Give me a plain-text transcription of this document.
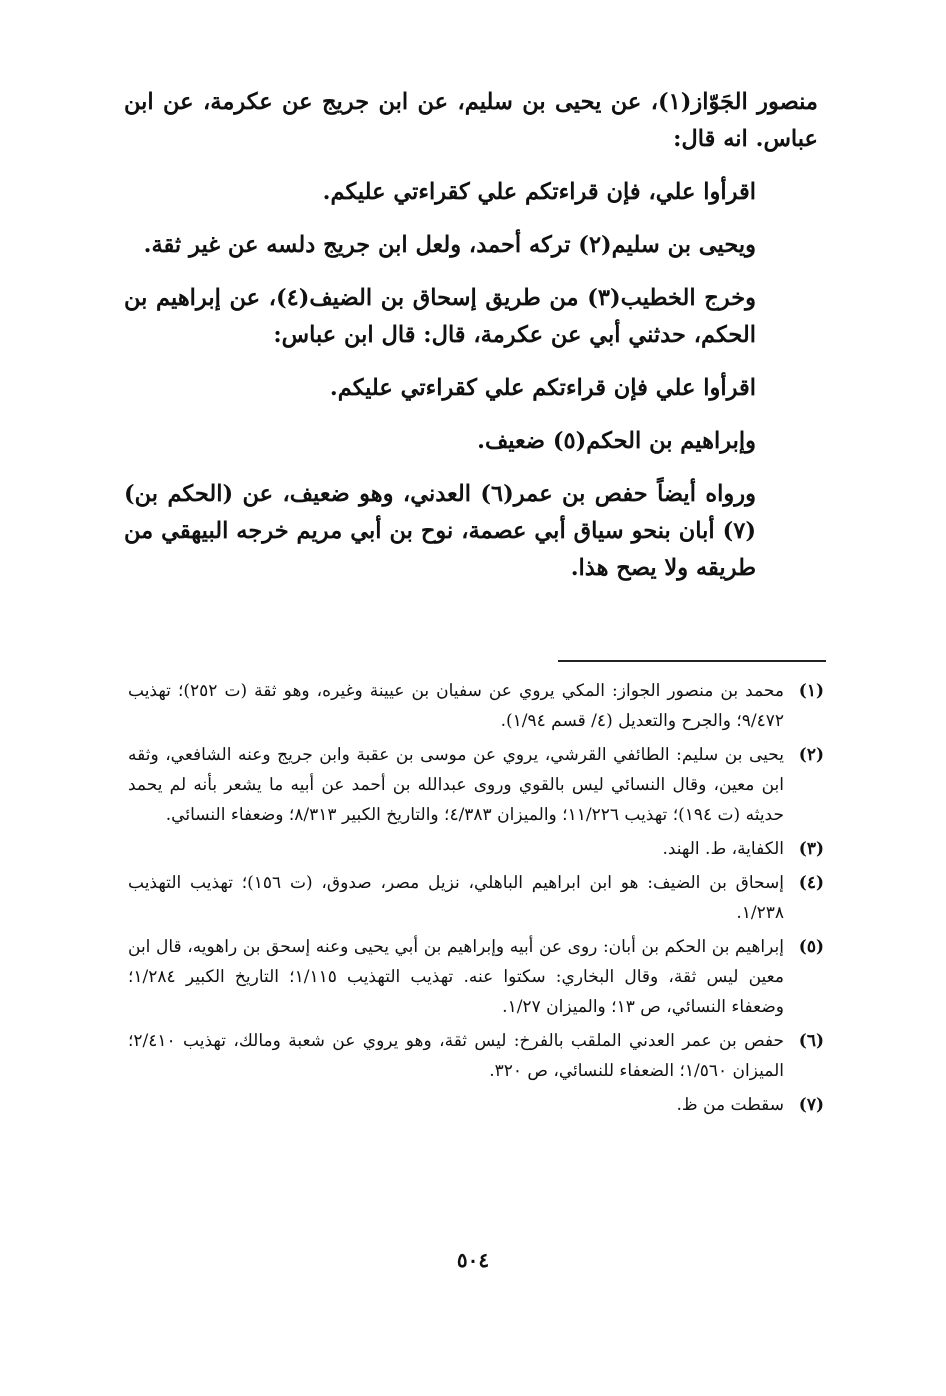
منصور الجَوّاز(١)، عن يحيى بن سليم، عن ابن جريج عن عكرمة، عن ابن عباس. انه قال:

اقرأوا علي، فإن قراءتكم علي كقراءتي عليكم.

ويحيى بن سليم(٢) تركه أحمد، ولعل ابن جريج دلسه عن غير ثقة.

وخرج الخطيب(٣) من طريق إسحاق بن الضيف(٤)، عن إبراهيم بن الحكم، حدثني أبي عن عكرمة، قال: قال ابن عباس:

اقرأوا علي فإن قراءتكم علي كقراءتي عليكم.

وإبراهيم بن الحكم(٥) ضعيف.

ورواه أيضاً حفص بن عمر(٦) العدني، وهو ضعيف، عن (الحكم بن)(٧) أبان بنحو سياق أبي عصمة، نوح بن أبي مريم خرجه البيهقي من طريقه ولا يصح هذا.

(١)
محمد بن منصور الجواز: المكي يروي عن سفيان بن عيينة وغيره، وهو ثقة (ت ٢٥٢)؛ تهذيب ٩/٤٧٢؛ والجرح والتعديل (٤/ قسم ١/٩٤).
(٢)
يحيى بن سليم: الطائفي القرشي، يروي عن موسى بن عقبة وابن جريج وعنه الشافعي، وثقه ابن معين، وقال النسائي ليس بالقوي وروى عبدالله بن أحمد عن أبيه ما يشعر بأنه لم يحمد حديثه (ت ١٩٤)؛ تهذيب ١١/٢٢٦؛ والميزان ٤/٣٨٣؛ والتاريخ الكبير ٨/٣١٣؛ وضعفاء النسائي.
(٣)
الكفاية، ط. الهند.
(٤)
إسحاق بن الضيف: هو ابن ابراهيم الباهلي، نزيل مصر، صدوق، (ت ١٥٦)؛ تهذيب التهذيب ١/٢٣٨.
(٥)
إبراهيم بن الحكم بن أبان: روى عن أبيه وإبراهيم بن أبي يحيى وعنه إسحق بن راهويه، قال ابن معين ليس ثقة، وقال البخاري: سكتوا عنه. تهذيب التهذيب ١/١١٥؛ التاريخ الكبير ١/٢٨٤؛ وضعفاء النسائي، ص ١٣؛ والميزان ١/٢٧.
(٦)
حفص بن عمر العدني الملقب بالفرخ: ليس ثقة، وهو يروي عن شعبة ومالك، تهذيب ٢/٤١٠؛ الميزان ١/٥٦٠؛ الضعفاء للنسائي، ص ٣٢٠.
(٧)
سقطت من ظ.
٥٠٤
